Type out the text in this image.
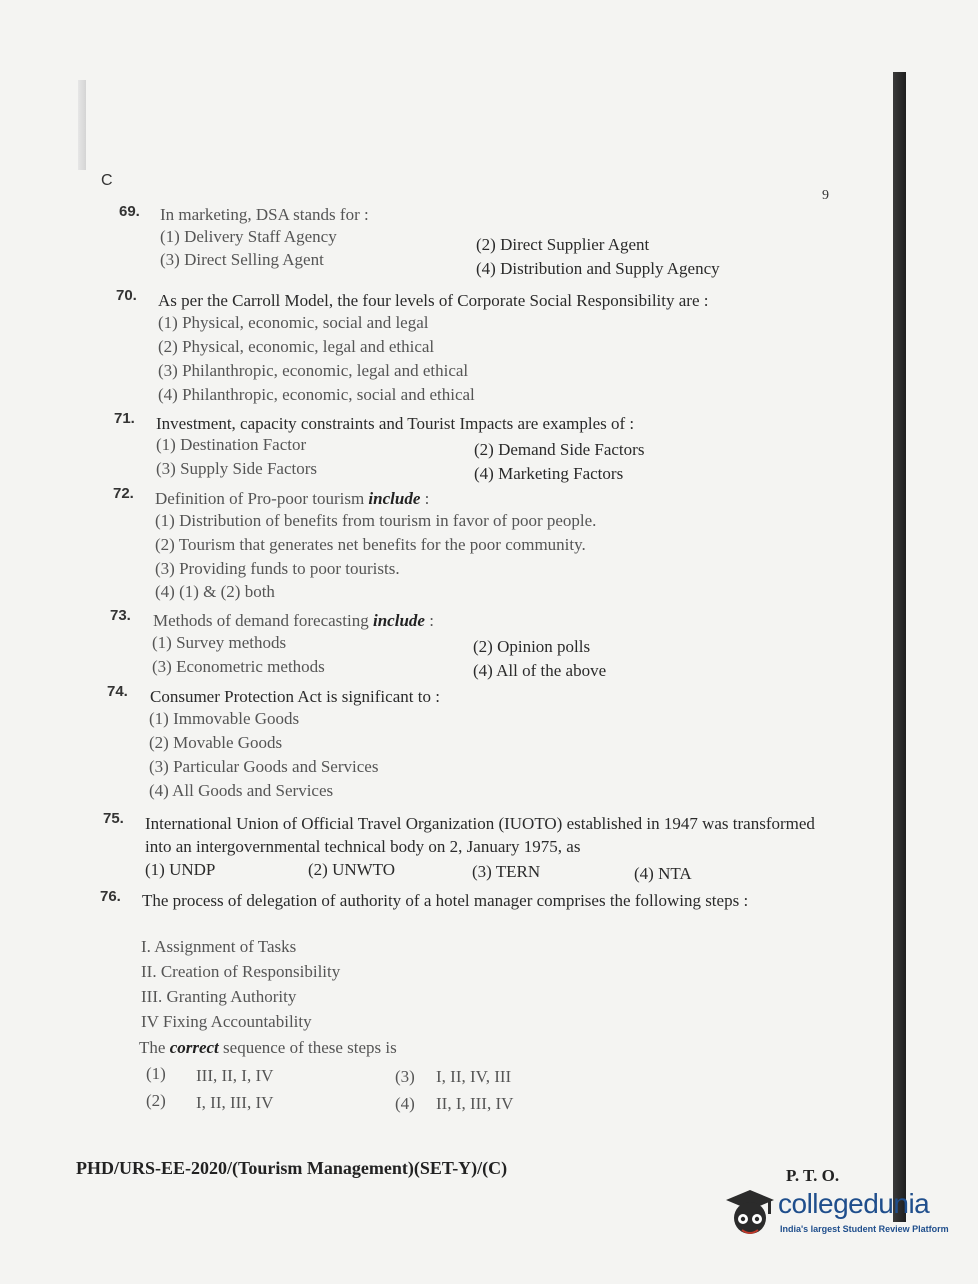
C
9
69. In marketing, DSA stands for :
(1) Delivery Staff Agency	(2) Direct Supplier Agent
(3) Direct Selling Agent	(4) Distribution and Supply Agency
70. As per the Carroll Model, the four levels of Corporate Social Responsibility are :
(1) Physical, economic, social and legal
(2) Physical, economic, legal and ethical
(3) Philanthropic, economic, legal and ethical
(4) Philanthropic, economic, social and ethical
71. Investment, capacity constraints and Tourist Impacts are examples of :
(1) Destination Factor	(2) Demand Side Factors
(3) Supply Side Factors	(4) Marketing Factors
72. Definition of Pro-poor tourism include :
(1) Distribution of benefits from tourism in favor of poor people.
(2) Tourism that generates net benefits for the poor community.
(3) Providing funds to poor tourists.
(4) (1) & (2) both
73. Methods of demand forecasting include :
(1) Survey methods	(2) Opinion polls
(3) Econometric methods	(4) All of the above
74. Consumer Protection Act is significant to :
(1) Immovable Goods
(2) Movable Goods
(3) Particular Goods and Services
(4) All Goods and Services
75. International Union of Official Travel Organization (IUOTO) established in 1947 was transformed into an intergovernmental technical body on 2, January 1975, as
(1) UNDP	(2) UNWTO	(3) TERN	(4) NTA
76. The process of delegation of authority of a hotel manager comprises the following steps :
I. Assignment of Tasks
II. Creation of Responsibility
III. Granting Authority
IV Fixing Accountability
The correct sequence of these steps is
(1) III, II, I, IV	(3) I, II, IV, III
(2) I, II, III, IV	(4) II, I, III, IV
PHD/URS-EE-2020/(Tourism Management)(SET-Y)/(C)	P. T. O.
collegedunia
India's largest Student Review Platform
